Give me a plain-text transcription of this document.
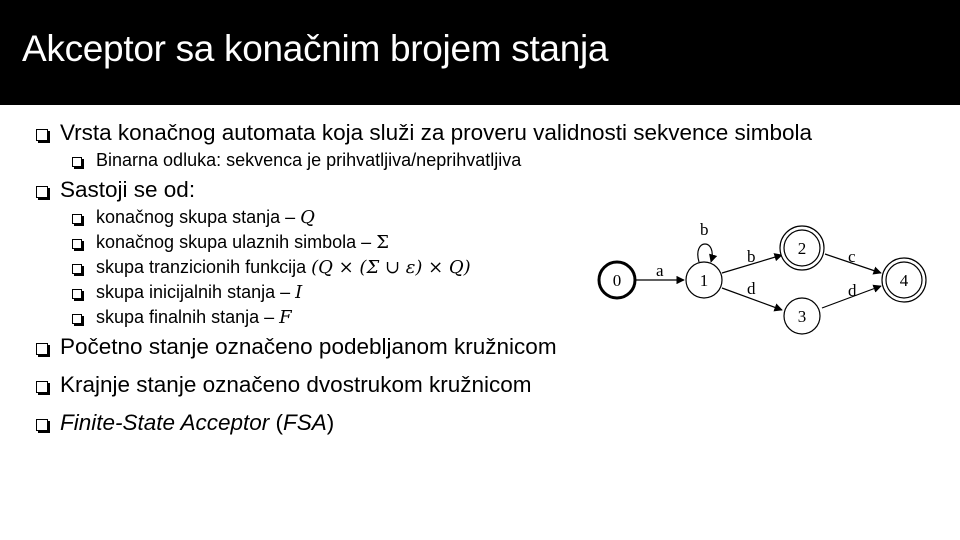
Akceptor sa konačnim brojem stanja
Vrsta konačnog automata koja služi za proveru validnosti sekvence simbola
Binarna odluka: sekvenca je prihvatljiva/neprihvatljiva
Sastoji se od:
konačnog skupa stanja – Q
konačnog skupa ulaznih simbola – Σ
skupa tranzicionih funkcija (Q × (Σ ∪ ε) × Q)
skupa inicijalnih stanja – I
skupa finalnih stanja – F
Početno stanje označeno podebljanom kružnicom
Krajnje stanje označeno dvostrukom kružnicom
Finite-State Acceptor (FSA)
a
b
b
d
c
d
0	1
2
3
4
